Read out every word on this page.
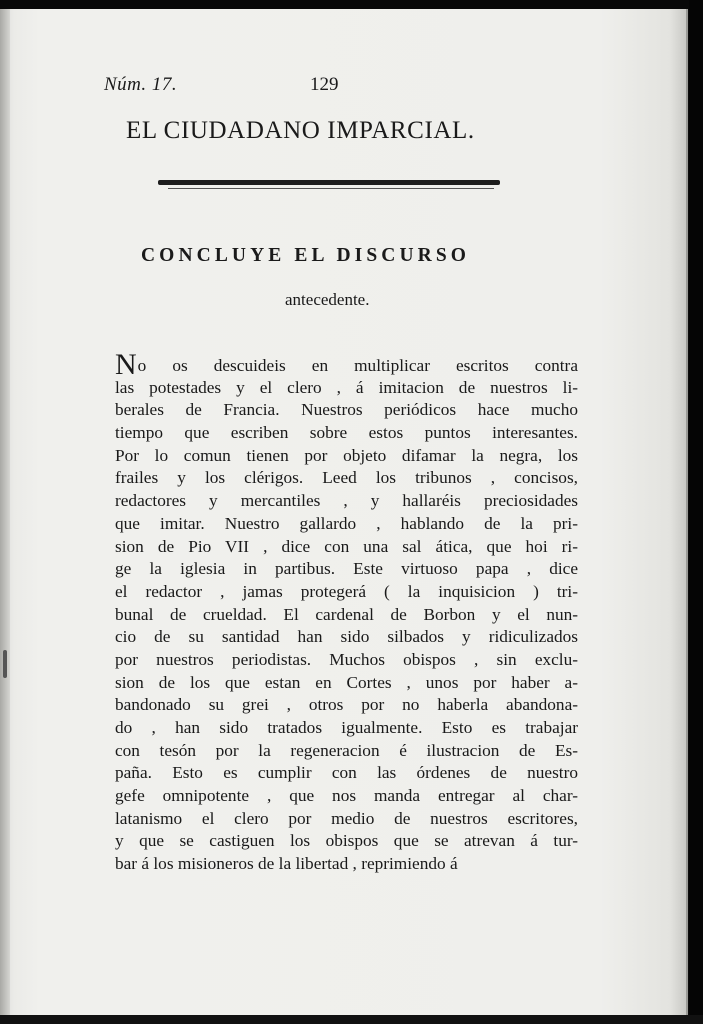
Núm. 17.	129
EL CIUDADANO IMPARCIAL.
CONCLUYE EL DISCURSO
antecedente.
No os descuideis en multiplicar escritos contra
las potestades y el clero , á imitacion de nuestros li-
berales de Francia. Nuestros periódicos hace mucho
tiempo que escriben sobre estos puntos interesantes.
Por lo comun tienen por objeto difamar la negra, los
frailes y los clérigos. Leed los tribunos , concisos,
redactores y mercantiles , y hallaréis preciosidades
que imitar. Nuestro gallardo , hablando de la pri-
sion de Pio VII , dice con una sal ática, que hoi ri-
ge la iglesia in partibus. Este virtuoso papa , dice
el redactor , jamas protegerá ( la inquisicion ) tri-
bunal de crueldad. El cardenal de Borbon y el nun-
cio de su santidad han sido silbados y ridiculizados
por nuestros periodistas. Muchos obispos , sin exclu-
sion de los que estan en Cortes , unos por haber a-
bandonado su grei , otros por no haberla abandona-
do , han sido tratados igualmente. Esto es trabajar
con tesón por la regeneracion é ilustracion de Es-
paña. Esto es cumplir con las órdenes de nuestro
gefe omnipotente , que nos manda entregar al char-
latanismo el clero por medio de nuestros escritores,
y que se castiguen los obispos que se atrevan á tur-
bar á los misioneros de la libertad , reprimiendo á
